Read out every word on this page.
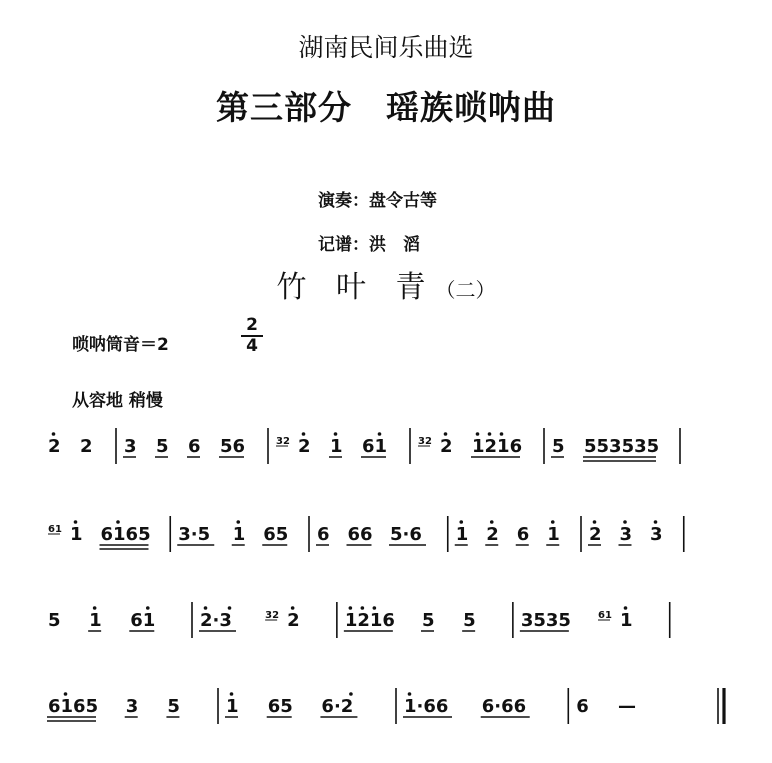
湖南民间乐曲选
第三部分　瑶族唢呐曲
演奏：盘令古等
记谱：洪　滔
竹 叶 青（二）
唢呐筒音＝2	$\frac{2}{4}$
从容地 稍慢
2 2 3 5 6 56	32 2 1 61	32 2 1216 5 553535
61 1 6165 3·5 1 65 6 66 5·6 1 2 6 1 2 3 3
5 1 61 2·3	32 2	1216 5 5	3535	61 1
6165 3 5	1 65 6·2	1·66 6·66	6 —
